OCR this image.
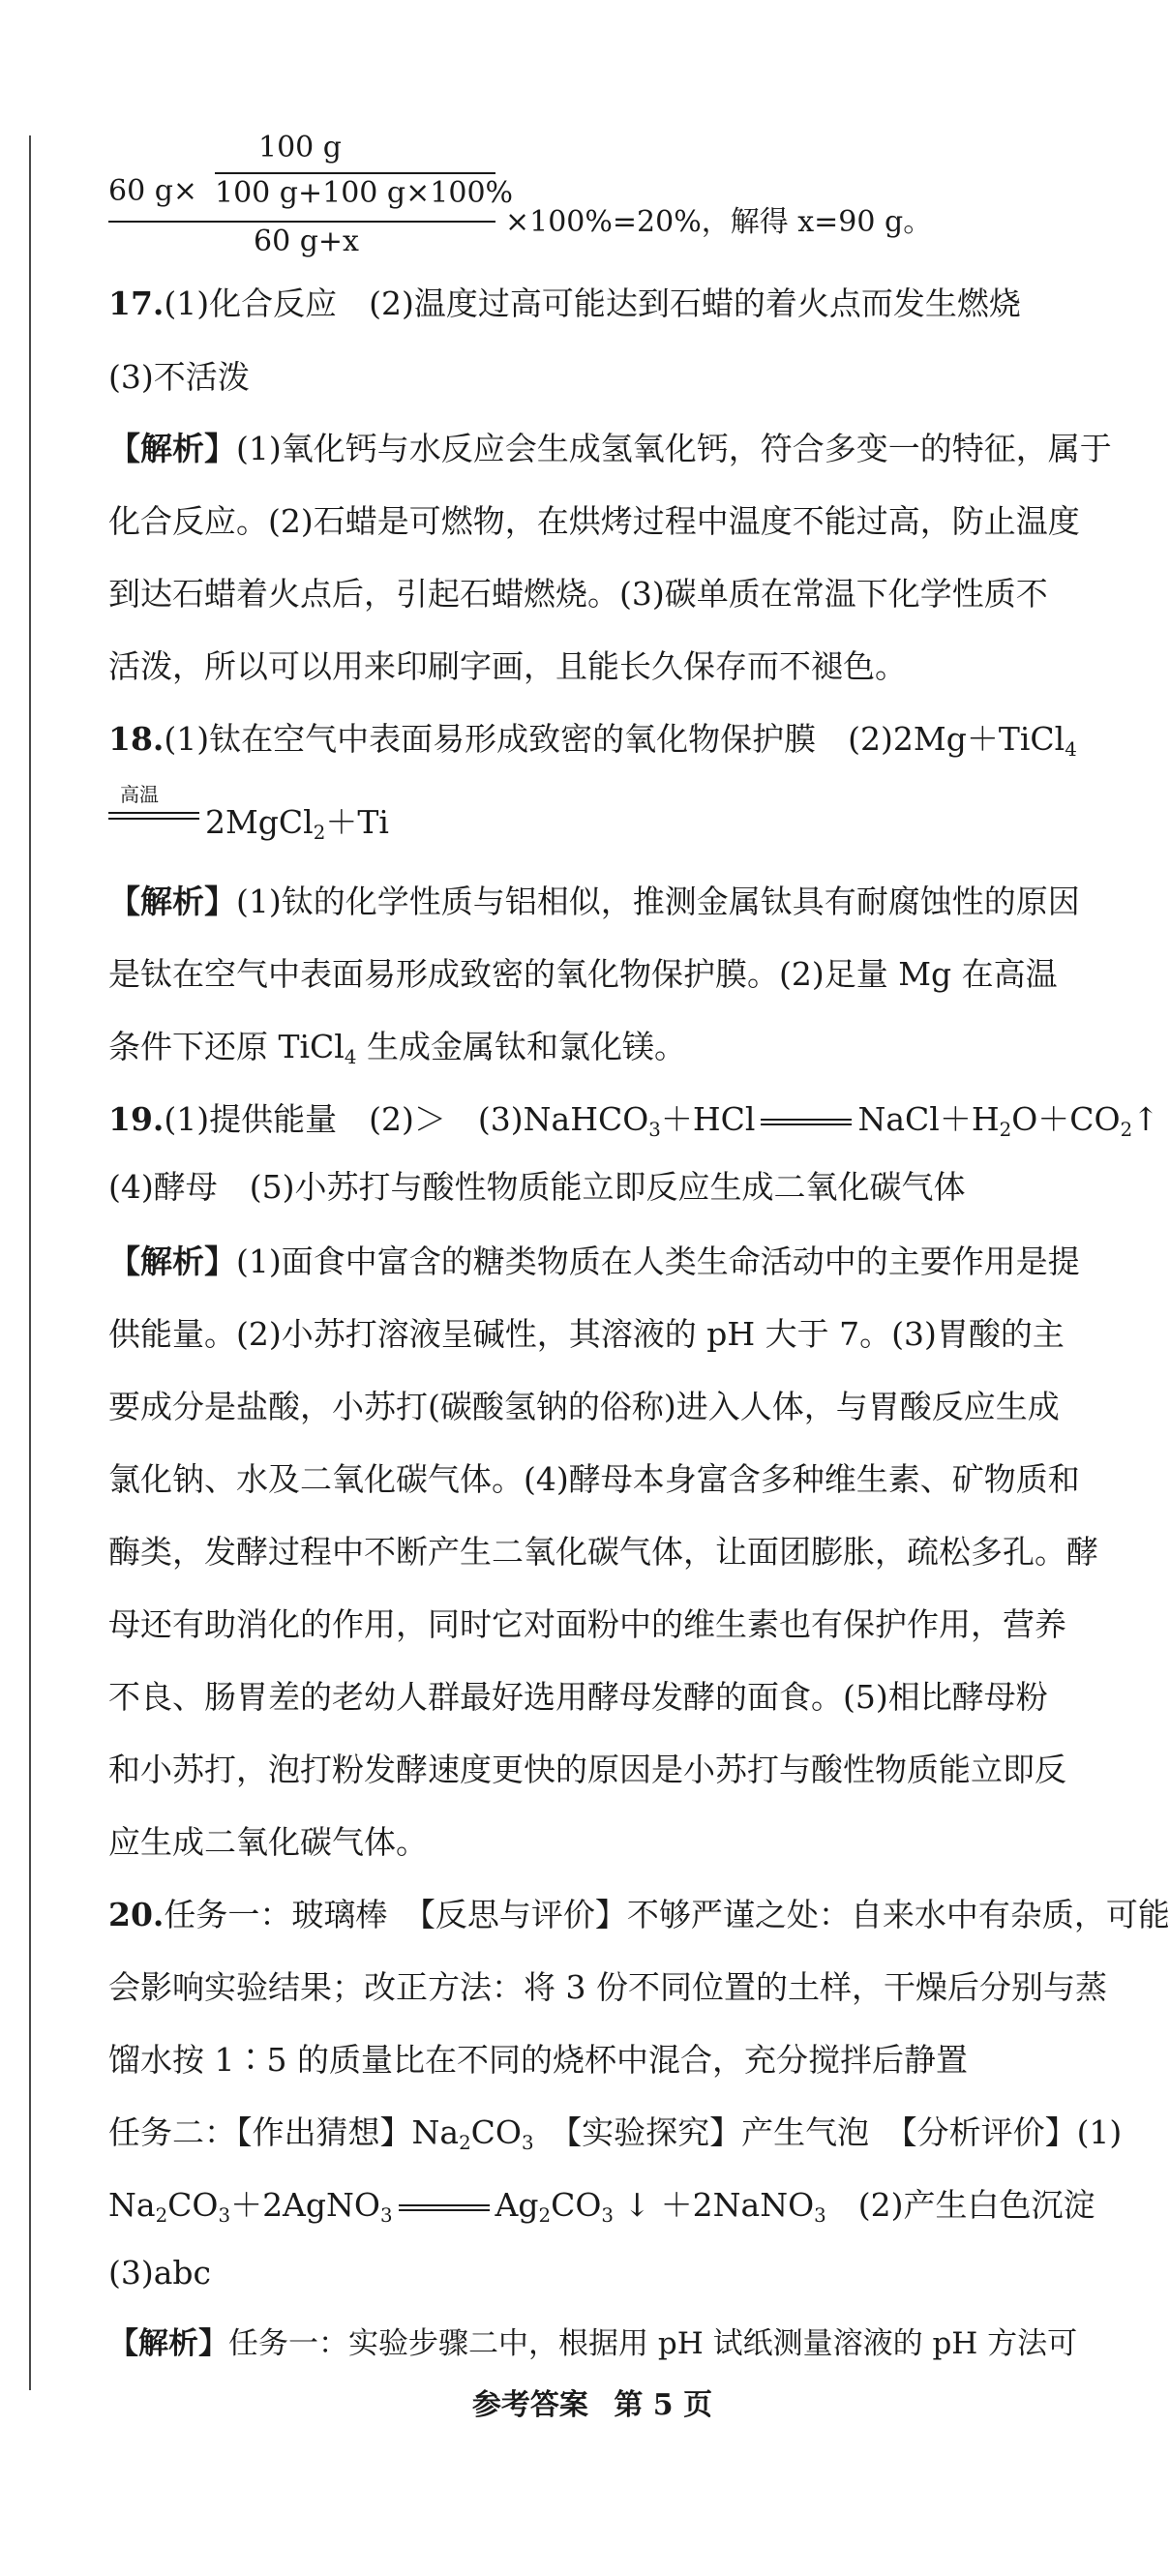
100 g
60 g× 100 g+100 g×100%
60 g+x
×100%=20%，解得 x=90 g。
17.(1)化合反应　(2)温度过高可能达到石蜡的着火点而发生燃烧
(3)不活泼
【解析】(1)氧化钙与水反应会生成氢氧化钙，符合多变一的特征，属于
化合反应。(2)石蜡是可燃物，在烘烤过程中温度不能过高，防止温度
到达石蜡着火点后，引起石蜡燃烧。(3)碳单质在常温下化学性质不
活泼，所以可以用来印刷字画，且能长久保存而不褪色。
18.(1)钛在空气中表面易形成致密的氧化物保护膜　(2)2Mg＋TiCl$_4$
高温
2MgCl$_2$＋Ti
【解析】(1)钛的化学性质与铝相似，推测金属钛具有耐腐蚀性的原因
是钛在空气中表面易形成致密的氧化物保护膜。(2)足量 Mg 在高温
条件下还原 TiCl$_4$ 生成金属钛和氯化镁。
19.(1)提供能量　(2)＞　(3)NaHCO$_3$＋HCl	$NaCl+H_2O+CO_2↑$
(4)酵母　(5)小苏打与酸性物质能立即反应生成二氧化碳气体
【解析】(1)面食中富含的糖类物质在人类生命活动中的主要作用是提
供能量。(2)小苏打溶液呈碱性，其溶液的 pH 大于 7。(3)胃酸的主
要成分是盐酸，小苏打(碳酸氢钠的俗称)进入人体，与胃酸反应生成
氯化钠、水及二氧化碳气体。(4)酵母本身富含多种维生素、矿物质和
酶类，发酵过程中不断产生二氧化碳气体，让面团膨胀，疏松多孔。酵
母还有助消化的作用，同时它对面粉中的维生素也有保护作用，营养
不良、肠胃差的老幼人群最好选用酵母发酵的面食。(5)相比酵母粉
和小苏打，泡打粉发酵速度更快的原因是小苏打与酸性物质能立即反
应生成二氧化碳气体。
20.任务一：玻璃棒　【反思与评价】不够严谨之处：自来水中有杂质，可能
会影响实验结果；改正方法：将 3 份不同位置的土样，干燥后分别与蒸
馏水按 1∶5 的质量比在不同的烧杯中混合，充分搅拌后静置
任务二：【作出猜想】$Na_2CO_3$　【实验探究】产生气泡　【分析评价】(1)
$Na_2CO_3+2AgNO_3$	$Ag_2CO_3$ ↓ ＋2NaNO$_3$　(2)产生白色沉淀
(3)abc
【解析】任务一：实验步骤二中，根据用 pH 试纸测量溶液的 pH 方法可
参考答案 第 5 页
